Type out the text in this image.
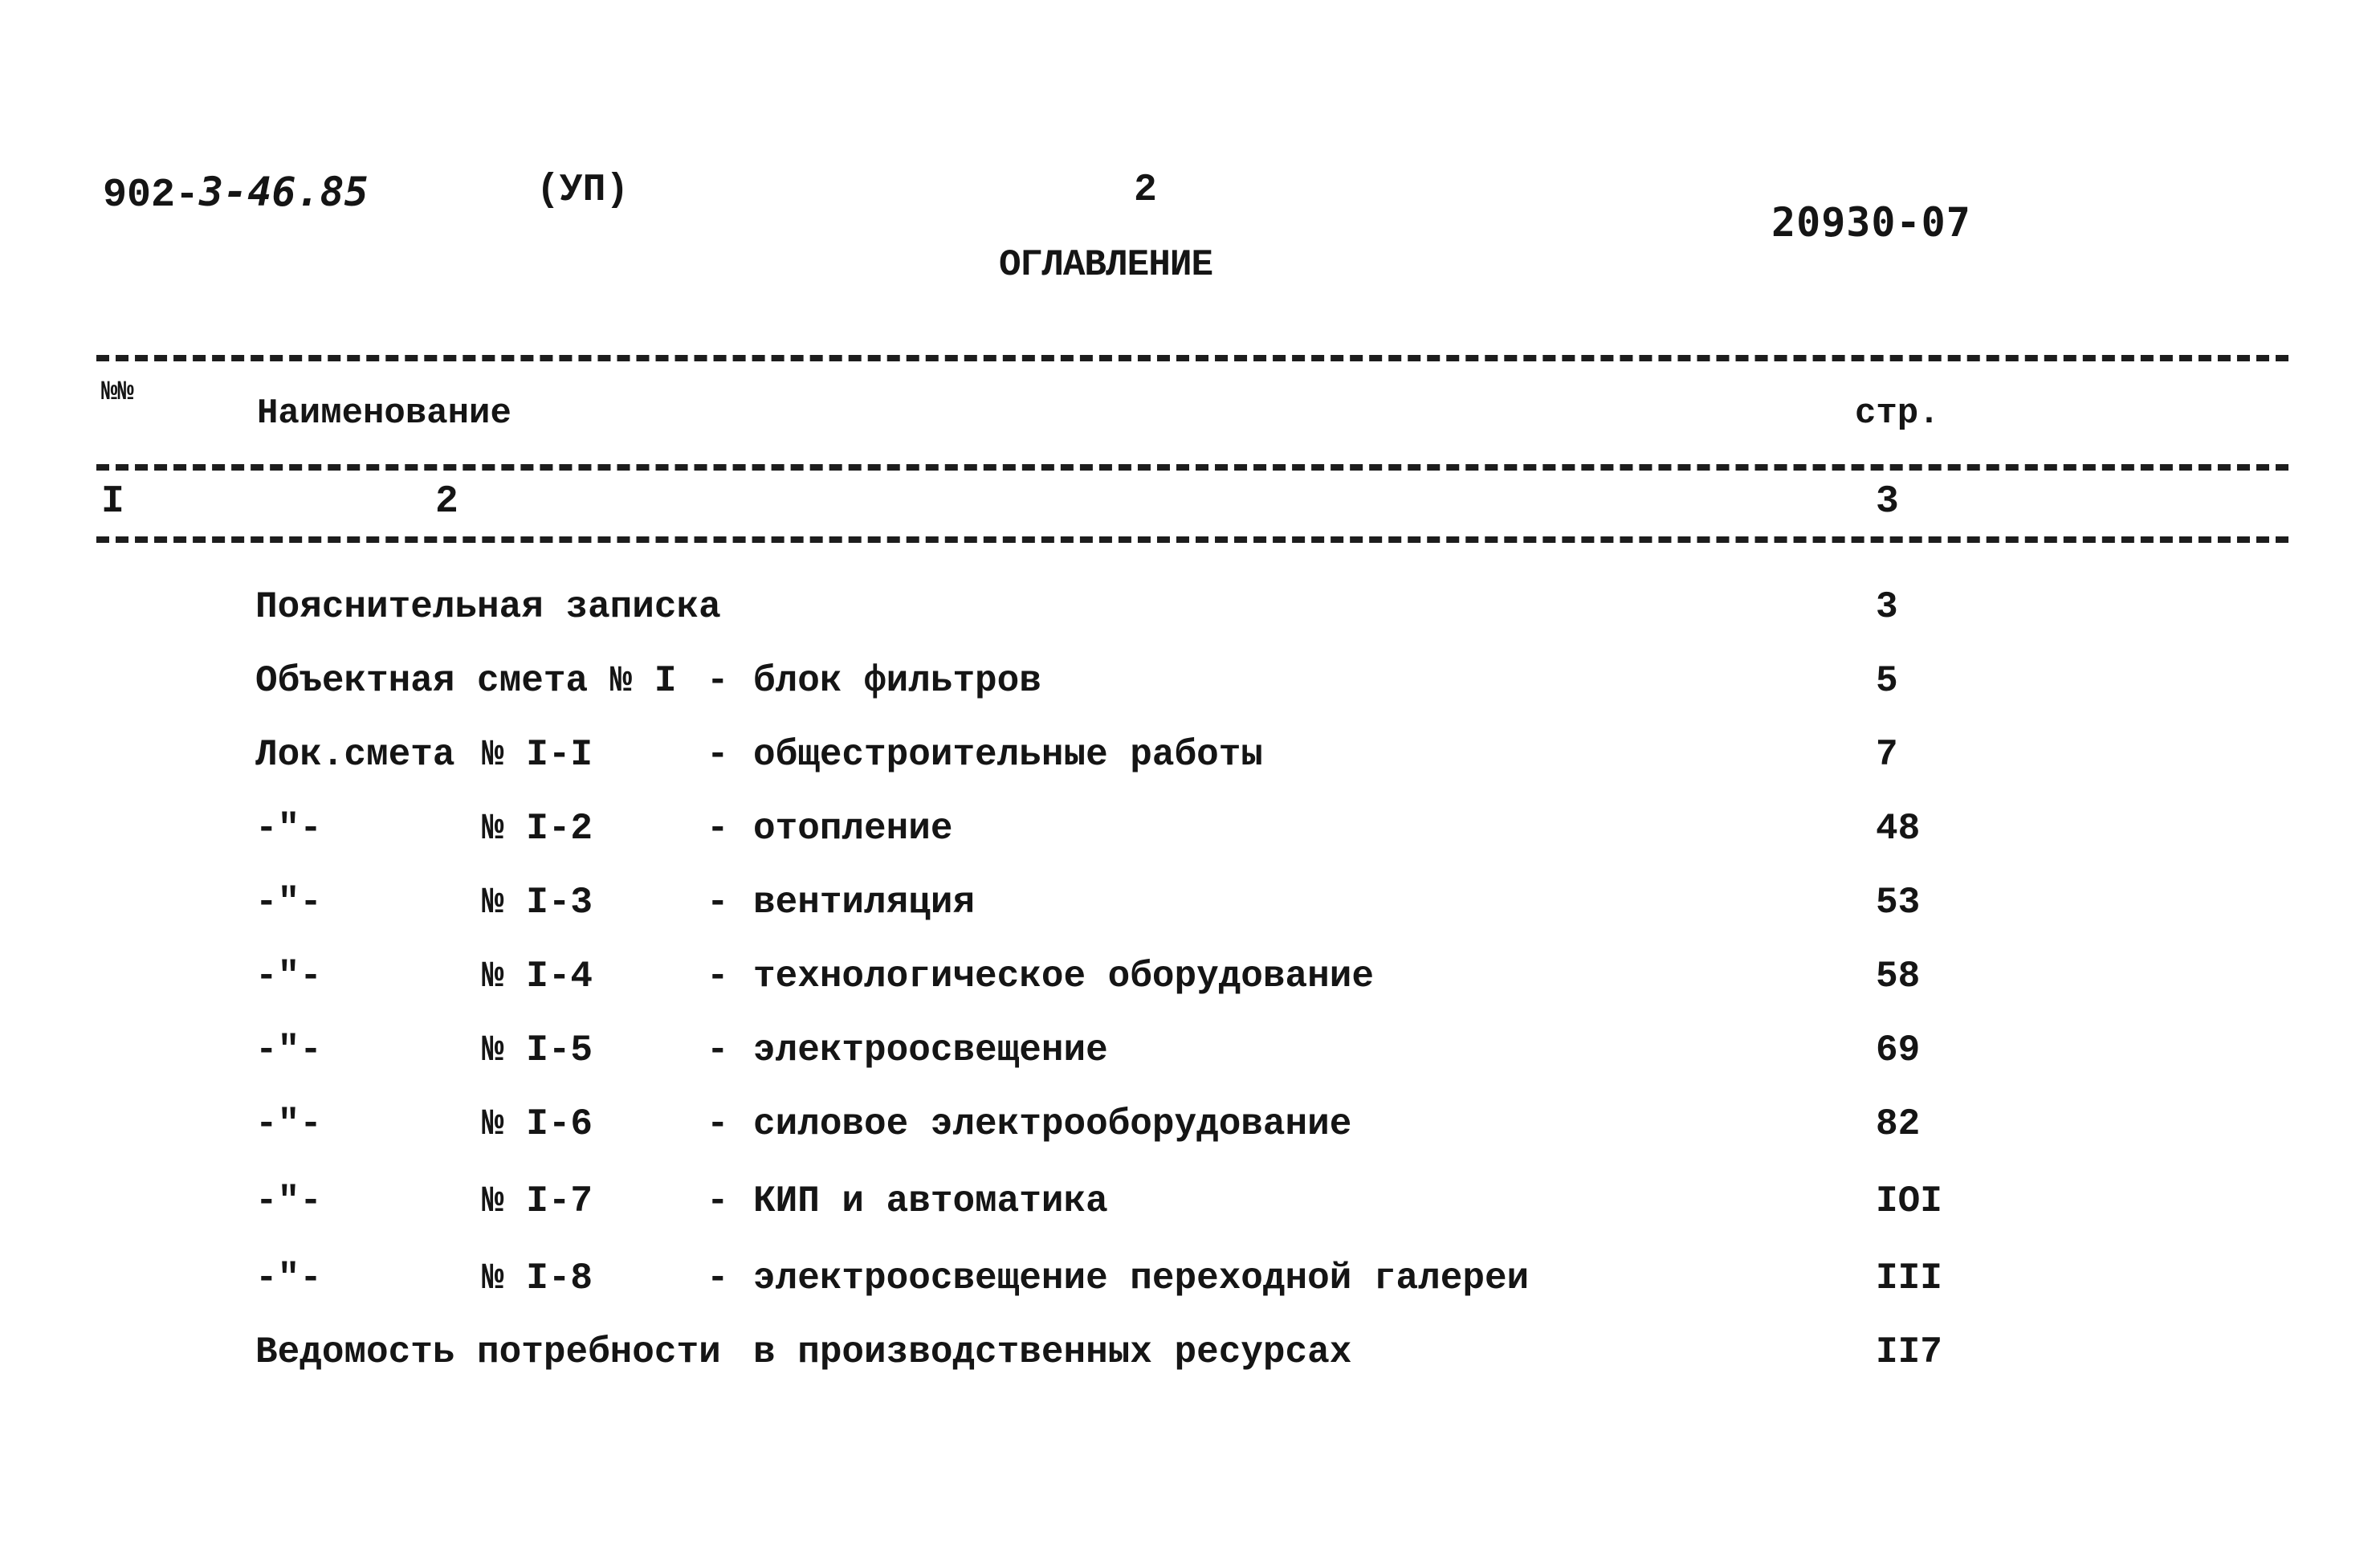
902-3-46.85	(УП)	2
20930-07
ОГЛАВЛЕНИЕ
№№
Наименование	стр.
I	2	3
Пояснительная записка	3
Объектная смета № I - блок фильтров	5
Лок.смета № I-I	- общестроительные работы	7
-"-	№ I-2	- отопление	48
-"-	№ I-3	- вентиляция	53
-"-	№ I-4	- технологическое оборудование	58
-"-	№ I-5	- электроосвещение	69
-"-	№ I-6	- силовое электрооборудование	82
-"-	№ I-7	- КИП и автоматика	IOI
-"-	№ I-8	- электроосвещение переходной галереи	III
Ведомость потребности в производственных ресурсах	II7
